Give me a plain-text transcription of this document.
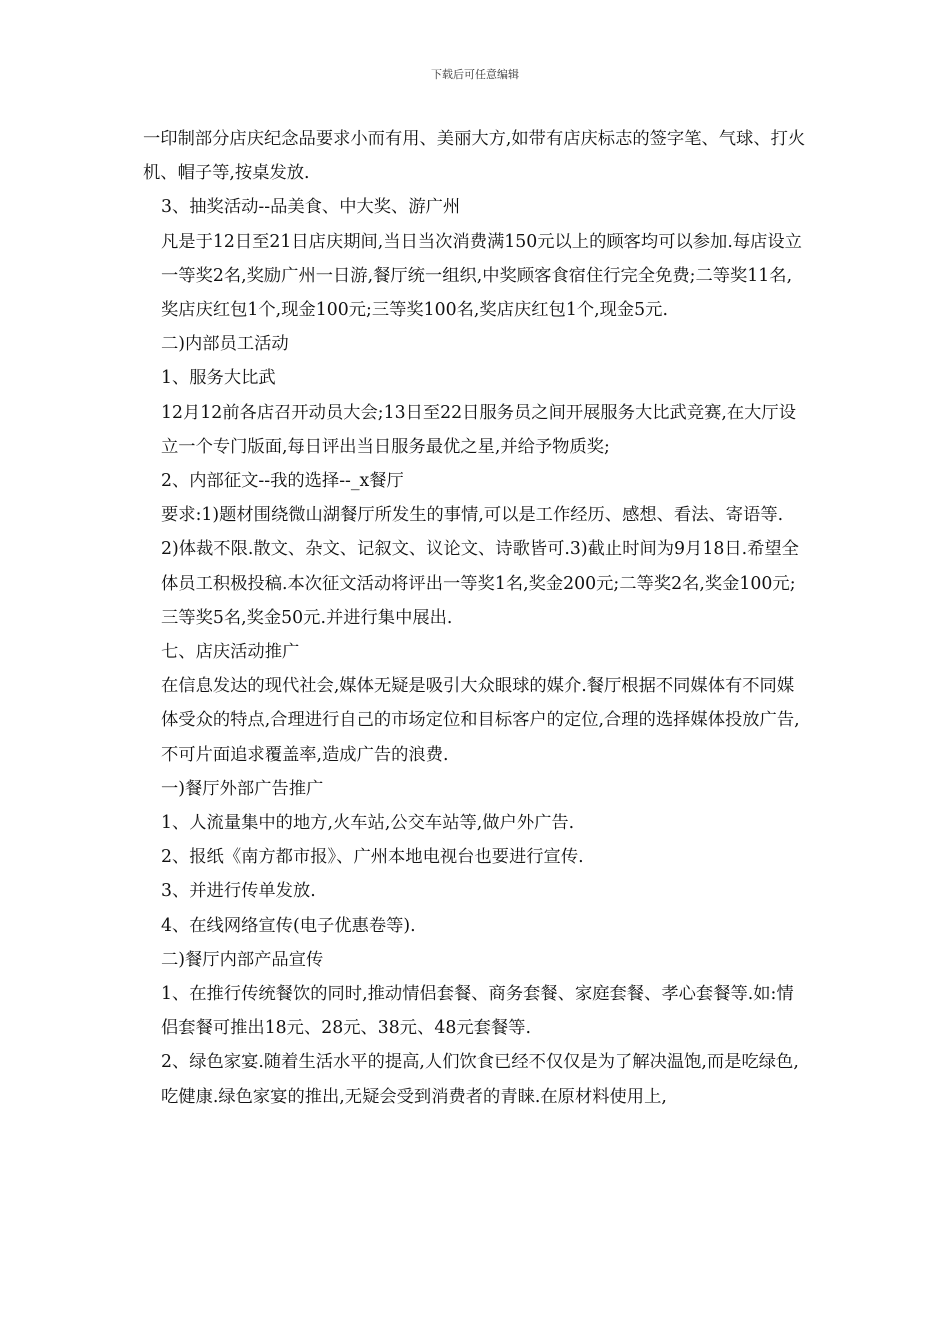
下载后可任意编辑

一印制部分店庆纪念品要求小而有用、美丽大方,如带有店庆标志的签字笔、气球、打火机、帽子等,按桌发放.

3、抽奖活动--品美食、中大奖、游广州

凡是于12日至21日店庆期间,当日当次消费满150元以上的顾客均可以参加.每店设立一等奖2名,奖励广州一日游,餐厅统一组织,中奖顾客食宿住行完全免费;二等奖11名,奖店庆红包1个,现金100元;三等奖100名,奖店庆红包1个,现金5元.

二)内部员工活动

1、服务大比武

12月12前各店召开动员大会;13日至22日服务员之间开展服务大比武竞赛,在大厅设立一个专门版面,每日评出当日服务最优之星,并给予物质奖;

2、内部征文--我的选择--_x餐厅

要求:1)题材围绕微山湖餐厅所发生的事情,可以是工作经历、感想、看法、寄语等.

2)体裁不限.散文、杂文、记叙文、议论文、诗歌皆可.3)截止时间为9月18日.希望全体员工积极投稿.本次征文活动将评出一等奖1名,奖金200元;二等奖2名,奖金100元;三等奖5名,奖金50元.并进行集中展出.

七、店庆活动推广

在信息发达的现代社会,媒体无疑是吸引大众眼球的媒介.餐厅根据不同媒体有不同媒体受众的特点,合理进行自己的市场定位和目标客户的定位,合理的选择媒体投放广告,不可片面追求覆盖率,造成广告的浪费.

一)餐厅外部广告推广

1、人流量集中的地方,火车站,公交车站等,做户外广告.

2、报纸《南方都市报》、广州本地电视台也要进行宣传.

3、并进行传单发放.

4、在线网络宣传(电子优惠卷等).

二)餐厅内部产品宣传

1、在推行传统餐饮的同时,推动情侣套餐、商务套餐、家庭套餐、孝心套餐等.如:情侣套餐可推出18元、28元、38元、48元套餐等.

2、绿色家宴.随着生活水平的提高,人们饮食已经不仅仅是为了解决温饱,而是吃绿色,吃健康.绿色家宴的推出,无疑会受到消费者的青睐.在原材料使用上,
